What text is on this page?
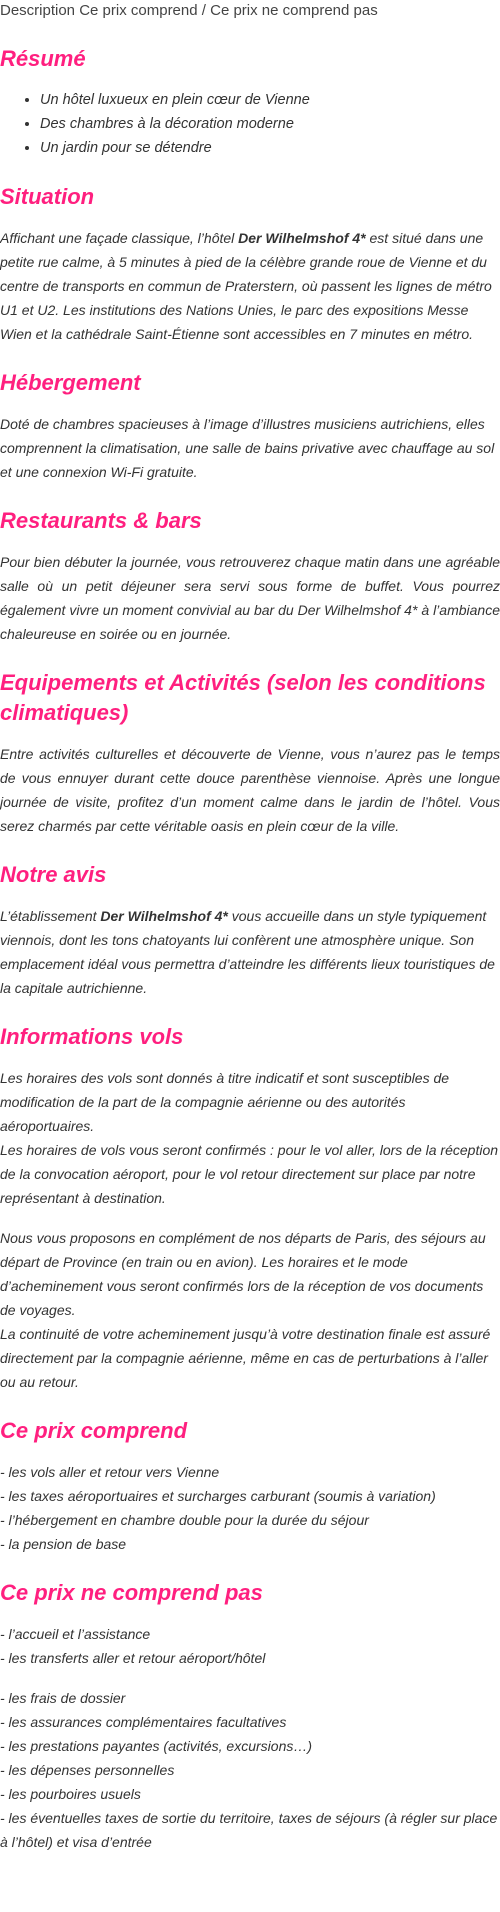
Description Ce prix comprend / Ce prix ne comprend pas

Résumé
• Un hôtel luxueux en plein cœur de Vienne
• Des chambres à la décoration moderne
• Un jardin pour se détendre
Situation

Affichant une façade classique, l’hôtel Der Wilhelmshof 4* est situé dans une petite rue calme, à 5 minutes à pied de la célèbre grande roue de Vienne et du centre de transports en commun de Praterstern, où passent les lignes de métro U1 et U2. Les institutions des Nations Unies, le parc des expositions Messe Wien et la cathédrale Saint-Étienne sont accessibles en 7 minutes en métro.

Hébergement

Doté de chambres spacieuses à l’image d’illustres musiciens autrichiens, elles comprennent la climatisation, une salle de bains privative avec chauffage au sol et une connexion Wi-Fi gratuite.

Restaurants & bars

Pour bien débuter la journée, vous retrouverez chaque matin dans une agréable salle où un petit déjeuner sera servi sous forme de buffet. Vous pourrez également vivre un moment convivial au bar du Der Wilhelmshof 4* à l’ambiance chaleureuse en soirée ou en journée.

Equipements et Activités (selon les conditions climatiques)

Entre activités culturelles et découverte de Vienne, vous n’aurez pas le temps de vous ennuyer durant cette douce parenthèse viennoise. Après une longue journée de visite, profitez d’un moment calme dans le jardin de l’hôtel. Vous serez charmés par cette véritable oasis en plein cœur de la ville.

Notre avis

L’établissement Der Wilhelmshof 4* vous accueille dans un style typiquement viennois, dont les tons chatoyants lui confèrent une atmosphère unique. Son emplacement idéal vous permettra d’atteindre les différents lieux touristiques de la capitale autrichienne.

Informations vols

Les horaires des vols sont donnés à titre indicatif et sont susceptibles de modification de la part de la compagnie aérienne ou des autorités aéroportuaires.

Les horaires de vols vous seront confirmés : pour le vol aller, lors de la réception de la convocation aéroport, pour le vol retour directement sur place par notre représentant à destination.

Nous vous proposons en complément de nos départs de Paris, des séjours au départ de Province (en train ou en avion). Les horaires et le mode d’acheminement vous seront confirmés lors de la réception de vos documents de voyages.

La continuité de votre acheminement jusqu’à votre destination finale est assuré directement par la compagnie aérienne, même en cas de perturbations à l’aller ou au retour.

Ce prix comprend

- les vols aller et retour vers Vienne

- les taxes aéroportuaires et surcharges carburant (soumis à variation)

- l’hébergement en chambre double pour la durée du séjour

- la pension de base

Ce prix ne comprend pas

- l’accueil et l’assistance

- les transferts aller et retour aéroport/hôtel

- les frais de dossier

- les assurances complémentaires facultatives

- les prestations payantes (activités, excursions…)

- les dépenses personnelles

- les pourboires usuels

- les éventuelles taxes de sortie du territoire, taxes de séjours (à régler sur place à l’hôtel) et visa d’entrée
